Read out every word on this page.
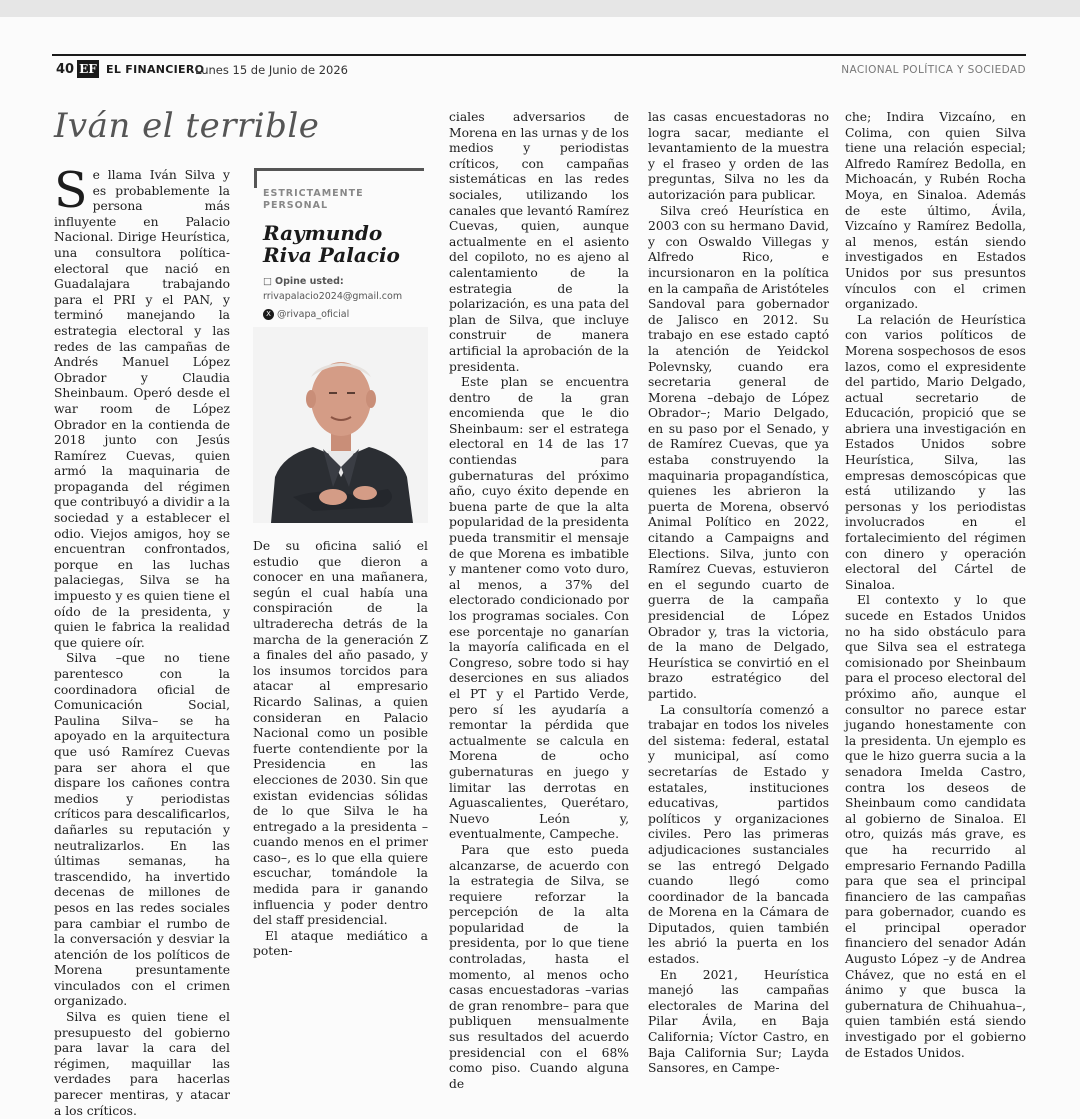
40 EF EL FINANCIERO
Lunes 15 de Junio de 2026	NACIONAL POLÍTICA Y SOCIEDAD
Iván el terrible

Se llama Iván Silva y es probablemente la persona más influyente en Palacio Nacional. Dirige Heurística, una consultora política-electoral que nació en Guadalajara trabajando para el PRI y el PAN, y terminó manejando la estrategia electoral y las redes de las campañas de Andrés Manuel López Obrador y Claudia Sheinbaum. Operó desde el war room de López Obrador en la contienda de 2018 junto con Jesús Ramírez Cuevas, quien armó la maquinaria de propaganda del régimen que contribuyó a dividir a la sociedad y a establecer el odio. Viejos amigos, hoy se encuentran confrontados, porque en las luchas palaciegas, Silva se ha impuesto y es quien tiene el oído de la presidenta, y quien le fabrica la realidad que quiere oír.

Silva –que no tiene parentesco con la coordinadora oficial de Comunicación Social, Paulina Silva– se ha apoyado en la arquitectura que usó Ramírez Cuevas para ser ahora el que dispare los cañones contra medios y periodistas críticos para descalificarlos, dañarles su reputación y neutralizarlos. En las últimas semanas, ha trascendido, ha invertido decenas de millones de pesos en las redes sociales para cambiar el rumbo de la conversación y desviar la atención de los políticos de Morena presuntamente vinculados con el crimen organizado.

Silva es quien tiene el presupuesto del gobierno para lavar la cara del régimen, maquillar las verdades para hacerlas parecer mentiras, y atacar a los críticos.

ESTRICTAMENTE
PERSONAL
Raymundo
Riva Palacio
□ Opine usted:
rrivapalacio2024@gmail.com
X @rivapa_oficial

De su oficina salió el estudio que dieron a conocer en una mañanera, según el cual había una conspiración de la ultraderecha detrás de la marcha de la generación Z a finales del año pasado, y los insumos torcidos para atacar al empresario Ricardo Salinas, a quien consideran en Palacio Nacional como un posible fuerte contendiente por la Presidencia en las elecciones de 2030. Sin que existan evidencias sólidas de lo que Silva le ha entregado a la presidenta –cuando menos en el primer caso–, es lo que ella quiere escuchar, tomándole la medida para ir ganando influencia y poder dentro del staff presidencial.

El ataque mediático a poten-

ciales adversarios de Morena en las urnas y de los medios y periodistas críticos, con campañas sistemáticas en las redes sociales, utilizando los canales que levantó Ramírez Cuevas, quien, aunque actualmente en el asiento del copiloto, no es ajeno al calentamiento de la estrategia de la polarización, es una pata del plan de Silva, que incluye construir de manera artificial la aprobación de la presidenta.

Este plan se encuentra dentro de la gran encomienda que le dio Sheinbaum: ser el estratega electoral en 14 de las 17 contiendas para gubernaturas del próximo año, cuyo éxito depende en buena parte de que la alta popularidad de la presidenta pueda transmitir el mensaje de que Morena es imbatible y mantener como voto duro, al menos, a 37% del electorado condicionado por los programas sociales. Con ese porcentaje no ganarían la mayoría calificada en el Congreso, sobre todo si hay deserciones en sus aliados el PT y el Partido Verde, pero sí les ayudaría a remontar la pérdida que actualmente se calcula en Morena de ocho gubernaturas en juego y limitar las derrotas en Aguascalientes, Querétaro, Nuevo León y, eventualmente, Campeche.

Para que esto pueda alcanzarse, de acuerdo con la estrategia de Silva, se requiere reforzar la percepción de la alta popularidad de la presidenta, por lo que tiene controladas, hasta el momento, al menos ocho casas encuestadoras –varias de gran renombre– para que publiquen mensualmente sus resultados del acuerdo presidencial con el 68% como piso. Cuando alguna de

las casas encuestadoras no logra sacar, mediante el levantamiento de la muestra y el fraseo y orden de las preguntas, Silva no les da autorización para publicar.

Silva creó Heurística en 2003 con su hermano David, y con Oswaldo Villegas y Alfredo Rico, e incursionaron en la política en la campaña de Aristóteles Sandoval para gobernador de Jalisco en 2012. Su trabajo en ese estado captó la atención de Yeidckol Polevnsky, cuando era secretaria general de Morena –debajo de López Obrador–; Mario Delgado, en su paso por el Senado, y de Ramírez Cuevas, que ya estaba construyendo la maquinaria propagandística, quienes les abrieron la puerta de Morena, observó Animal Político en 2022, citando a Campaigns and Elections. Silva, junto con Ramírez Cuevas, estuvieron en el segundo cuarto de guerra de la campaña presidencial de López Obrador y, tras la victoria, de la mano de Delgado, Heurística se convirtió en el brazo estratégico del partido.

La consultoría comenzó a trabajar en todos los niveles del sistema: federal, estatal y municipal, así como secretarías de Estado y estatales, instituciones educativas, partidos políticos y organizaciones civiles. Pero las primeras adjudicaciones sustanciales se las entregó Delgado cuando llegó como coordinador de la bancada de Morena en la Cámara de Diputados, quien también les abrió la puerta en los estados.

En 2021, Heurística manejó las campañas electorales de Marina del Pilar Ávila, en Baja California; Víctor Castro, en Baja California Sur; Layda Sansores, en Campe-

che; Indira Vizcaíno, en Colima, con quien Silva tiene una relación especial; Alfredo Ramírez Bedolla, en Michoacán, y Rubén Rocha Moya, en Sinaloa. Además de este último, Ávila, Vizcaíno y Ramírez Bedolla, al menos, están siendo investigados en Estados Unidos por sus presuntos vínculos con el crimen organizado.

La relación de Heurística con varios políticos de Morena sospechosos de esos lazos, como el expresidente del partido, Mario Delgado, actual secretario de Educación, propició que se abriera una investigación en Estados Unidos sobre Heurística, Silva, las empresas demoscópicas que está utilizando y las personas y los periodistas involucrados en el fortalecimiento del régimen con dinero y operación electoral del Cártel de Sinaloa.

El contexto y lo que sucede en Estados Unidos no ha sido obstáculo para que Silva sea el estratega comisionado por Sheinbaum para el proceso electoral del próximo año, aunque el consultor no parece estar jugando honestamente con la presidenta. Un ejemplo es que le hizo guerra sucia a la senadora Imelda Castro, contra los deseos de Sheinbaum como candidata al gobierno de Sinaloa. El otro, quizás más grave, es que ha recurrido al empresario Fernando Padilla para que sea el principal financiero de las campañas para gobernador, cuando es el principal operador financiero del senador Adán Augusto López –y de Andrea Chávez, que no está en el ánimo y que busca la gubernatura de Chihuahua–, quien también está siendo investigado por el gobierno de Estados Unidos.
